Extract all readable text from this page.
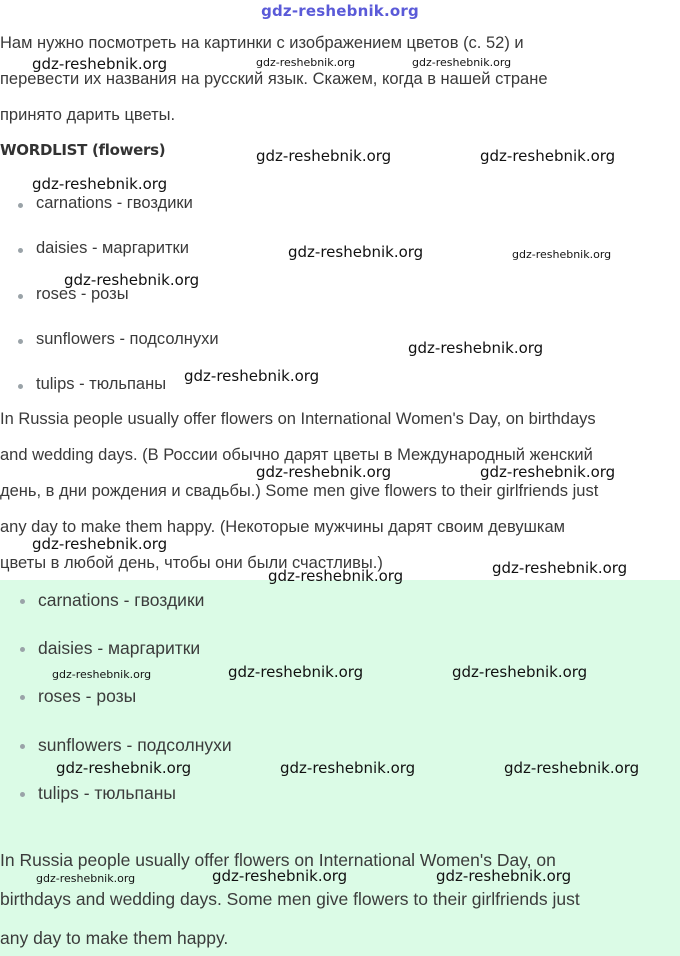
gdz-reshebnik.org
Нам нужно посмотреть на картинки с изображением цветов (с. 52) и
перевести их названия на русский язык. Скажем, когда в нашей стране
принято дарить цветы.
WORDLIST (flowers)
carnations - гвоздики
daisies - маргаритки
roses - розы
sunflowers - подсолнухи
tulips - тюльпаны
In Russia people usually offer flowers on International Women's Day, on birthdays
and wedding days. (В России обычно дарят цветы в Международный женский
день, в дни рождения и свадьбы.) Some men give flowers to their girlfriends just
any day to make them happy. (Некоторые мужчины дарят своим девушкам
цветы в любой день, чтобы они были счастливы.)
carnations - гвоздики
daisies - маргаритки
roses - розы
sunflowers - подсолнухи
tulips - тюльпаны
In Russia people usually offer flowers on International Women's Day, on
birthdays and wedding days. Some men give flowers to their girlfriends just
any day to make them happy.
gdz-reshebnik.org	gdz-reshebnik.org	gdz-reshebnik.org
gdz-reshebnik.org	gdz-reshebnik.org
gdz-reshebnik.org
gdz-reshebnik.org	gdz-reshebnik.org
gdz-reshebnik.org
gdz-reshebnik.org
gdz-reshebnik.org
gdz-reshebnik.org	gdz-reshebnik.org
gdz-reshebnik.org
gdz-reshebnik.org	gdz-reshebnik.org
gdz-reshebnik.org	gdz-reshebnik.org	gdz-reshebnik.org
gdz-reshebnik.org	gdz-reshebnik.org	gdz-reshebnik.org
gdz-reshebnik.org	gdz-reshebnik.org	gdz-reshebnik.org
